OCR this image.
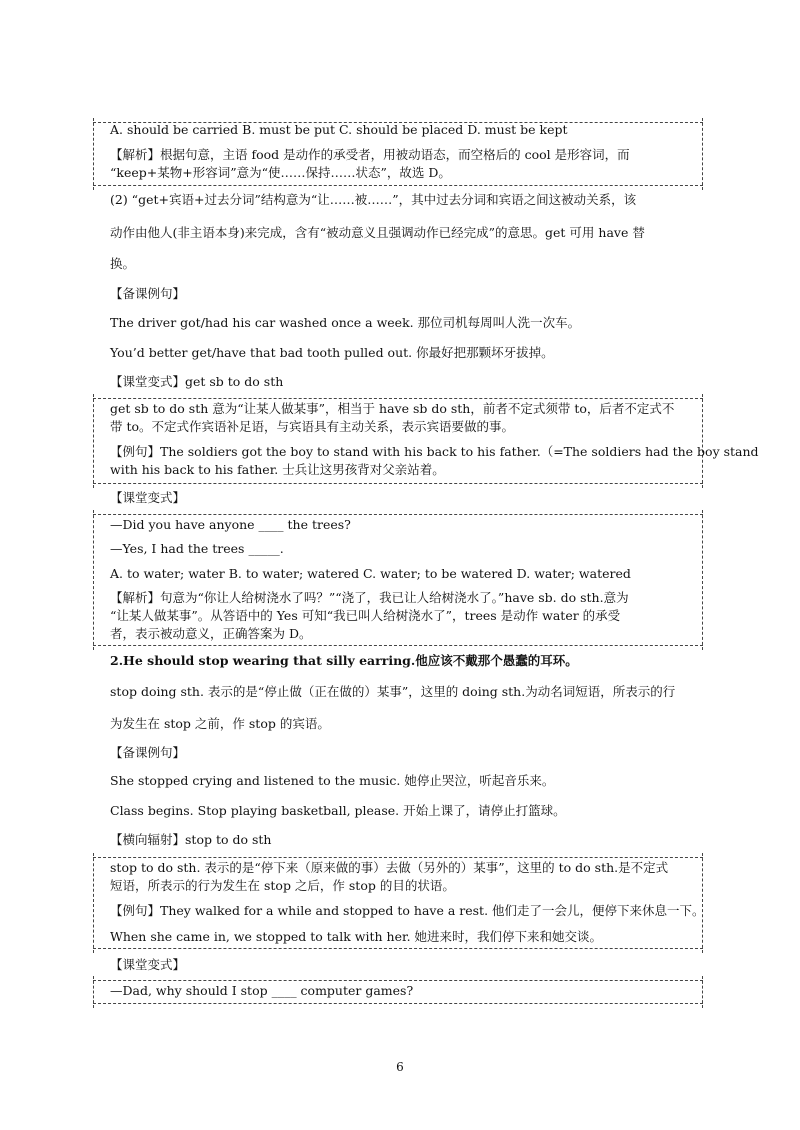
A. should be carried B. must be put C. should be placed D. must be kept
【解析】根据句意，主语 food 是动作的承受者，用被动语态，而空格后的 cool 是形容词，而
“keep+某物+形容词”意为“使……保持……状态”，故选 D。
(2) “get+宾语+过去分词”结构意为“让……被……”，其中过去分词和宾语之间这被动关系，该
动作由他人(非主语本身)来完成，含有“被动意义且强调动作已经完成”的意思。get 可用 have 替
换。
【备课例句】
The driver got/had his car washed once a week. 那位司机每周叫人洗一次车。
You’d better get/have that bad tooth pulled out. 你最好把那颗坏牙拔掉。
【课堂变式】get sb to do sth
get sb to do sth 意为“让某人做某事”，相当于 have sb do sth，前者不定式须带 to，后者不定式不
带 to。不定式作宾语补足语，与宾语具有主动关系，表示宾语要做的事。
【例句】The soldiers got the boy to stand with his back to his father.（=The soldiers had the boy stand
with his back to his father. 士兵让这男孩背对父亲站着。
【课堂变式】
—Did you have anyone ____ the trees?
—Yes, I had the trees _____.
A. to water; water B. to water; watered C. water; to be watered D. water; watered
【解析】句意为“你让人给树浇水了吗？”“浇了，我已让人给树浇水了。”have sb. do sth.意为
“让某人做某事”。从答语中的 Yes 可知“我已叫人给树浇水了”，trees 是动作 water 的承受
者，表示被动意义，正确答案为 D。
2.He should stop wearing that silly earring.他应该不戴那个愚蠢的耳环。
stop doing sth. 表示的是“停止做（正在做的）某事”，这里的 doing sth.为动名词短语，所表示的行
为发生在 stop 之前，作 stop 的宾语。
【备课例句】
She stopped crying and listened to the music. 她停止哭泣，听起音乐来。
Class begins. Stop playing basketball, please. 开始上课了，请停止打篮球。
【横向辐射】stop to do sth
stop to do sth. 表示的是“停下来（原来做的事）去做（另外的）某事”，这里的 to do sth.是不定式
短语，所表示的行为发生在 stop 之后，作 stop 的目的状语。
【例句】They walked for a while and stopped to have a rest. 他们走了一会儿，便停下来休息一下。
When she came in, we stopped to talk with her. 她进来时，我们停下来和她交谈。
【课堂变式】
—Dad, why should I stop ____ computer games?
6
